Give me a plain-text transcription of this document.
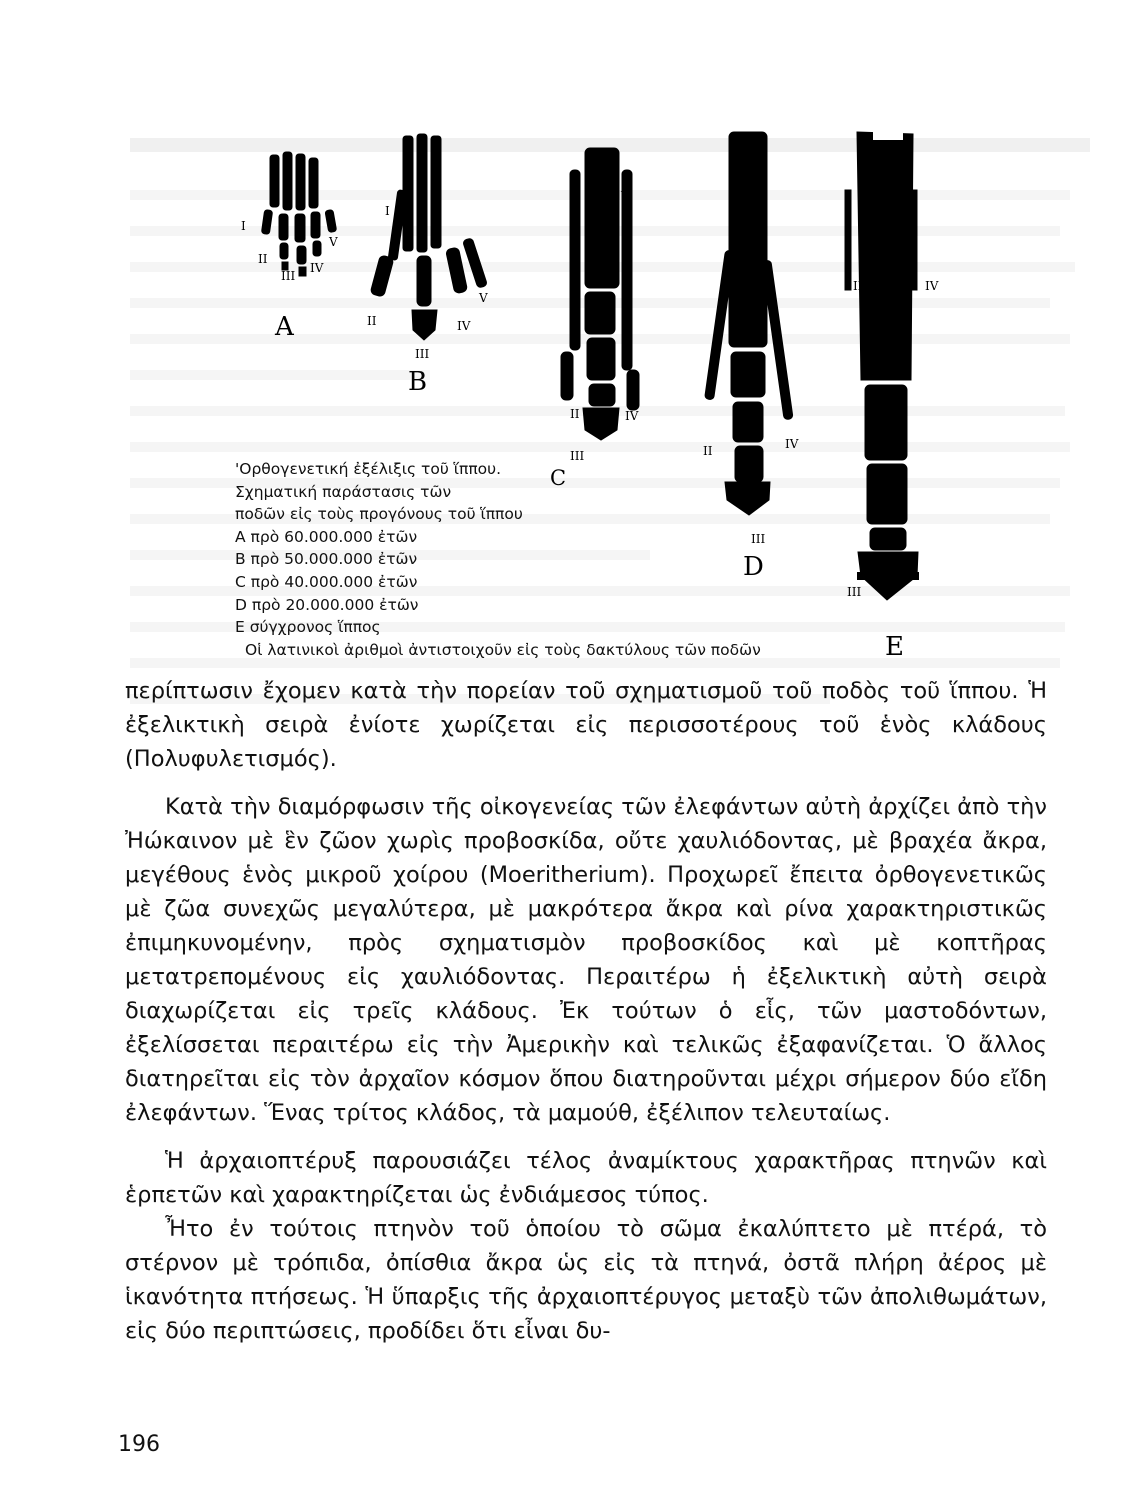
I
II
III
IV
V
I
II
III
IV
V
V
III
II	IV
II	IV
III
II	IV
III
A
B
C
D
E
'Ορθογενετική ἐξέλιξις τοῦ ἵππου.
Σχηματική παράστασις τῶν
ποδῶν εἰς τοὺς προγόνους τοῦ ἵππου
Α πρὸ 60.000.000 ἐτῶν
Β πρὸ 50.000.000 ἐτῶν
C πρὸ 40.000.000 ἐτῶν
D πρὸ 20.000.000 ἐτῶν
Ε σύγχρονος ἵππος
Οἱ λατινικοὶ ἀριθμοὶ ἀντιστοιχοῦν εἰς τοὺς δακτύλους τῶν ποδῶν

περίπτωσιν ἔχομεν κατὰ τὴν πορείαν τοῦ σχηματισμοῦ τοῦ ποδὸς τοῦ ἵππου. Ἡ ἐξελικτικὴ σειρὰ ἐνίοτε χωρίζεται εἰς περισσοτέρους τοῦ ἑνὸς κλάδους (Πολυφυλετισμός).

Κατὰ τὴν διαμόρφωσιν τῆς οἰκογενείας τῶν ἐλεφάντων αὐτὴ ἀρχίζει ἀπὸ τὴν Ἠώκαινον μὲ ἓν ζῶον χωρὶς προβοσκίδα, οὔτε χαυλιόδοντας, μὲ βραχέα ἄκρα, μεγέθους ἑνὸς μικροῦ χοίρου (Moeritherium). Προχωρεῖ ἔπειτα ὀρθογενετικῶς μὲ ζῶα συνεχῶς μεγαλύτερα, μὲ μακρότερα ἄκρα καὶ ρίνα χαρακτηριστικῶς ἐπιμηκυνομένην, πρὸς σχηματισμὸν προβοσκίδος καὶ μὲ κοπτῆρας μετατρεπομένους εἰς χαυλιόδοντας. Περαιτέρω ἡ ἐξελικτικὴ αὐτὴ σειρὰ διαχωρίζεται εἰς τρεῖς κλάδους. Ἐκ τούτων ὁ εἷς, τῶν μαστοδόντων, ἐξελίσσεται περαιτέρω εἰς τὴν Ἀμερικὴν καὶ τελικῶς ἐξαφανίζεται. Ὁ ἄλλος διατηρεῖται εἰς τὸν ἀρχαῖον κόσμον ὅπου διατηροῦνται μέχρι σήμερον δύο εἴδη ἐλεφάντων. Ἕνας τρίτος κλάδος, τὰ μαμούθ, ἐξέλιπον τελευταίως.

Ἡ ἀρχαιοπτέρυξ παρουσιάζει τέλος ἀναμίκτους χαρακτῆρας πτηνῶν καὶ ἑρπετῶν καὶ χαρακτηρίζεται ὡς ἐνδιάμεσος τύπος.

Ἦτο ἐν τούτοις πτηνὸν τοῦ ὁποίου τὸ σῶμα ἐκαλύπτετο μὲ πτέρά, τὸ στέρνον μὲ τρόπιδα, ὀπίσθια ἄκρα ὡς εἰς τὰ πτηνά, ὀστᾶ πλήρη ἀέρος μὲ ἱκανότητα πτήσεως. Ἡ ὕπαρξις τῆς ἀρχαιοπτέρυγος μεταξὺ τῶν ἀπολιθωμάτων, εἰς δύο περιπτώσεις, προδίδει ὅτι εἶναι δυ-

196
